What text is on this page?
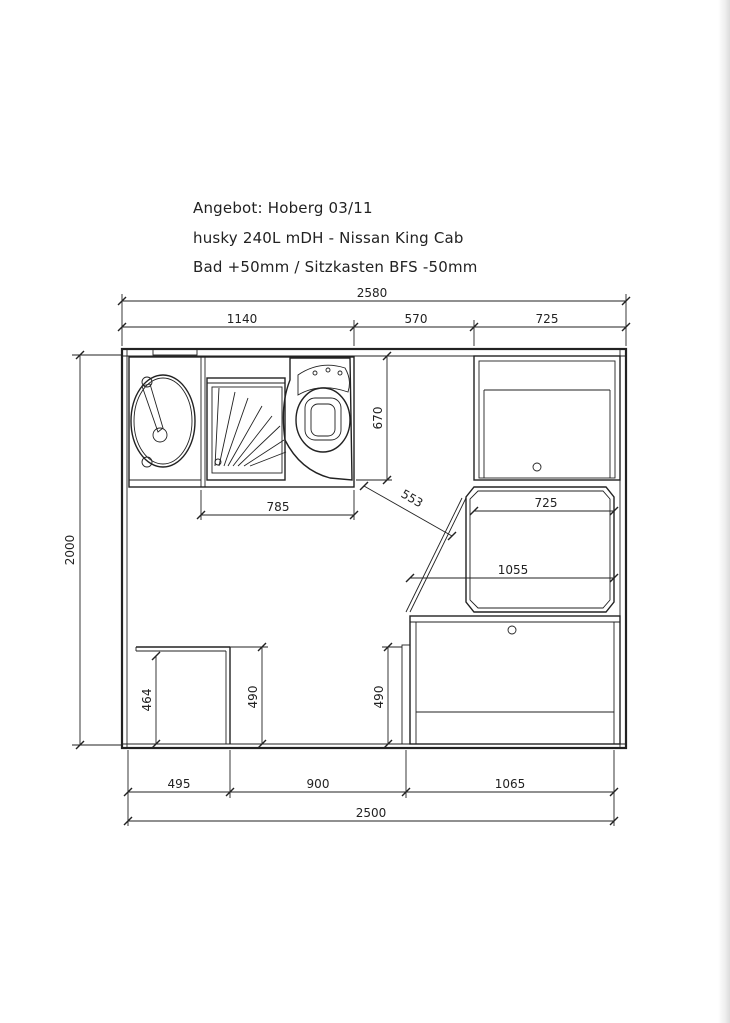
Angebot: Hoberg 03/11
husky 240L mDH - Nissan King Cab
Bad +50mm / Sitzkasten BFS -50mm
2580
1140	570	725
2000
670
785	553	725
1055
464	490	490
495	900	1065
2500
